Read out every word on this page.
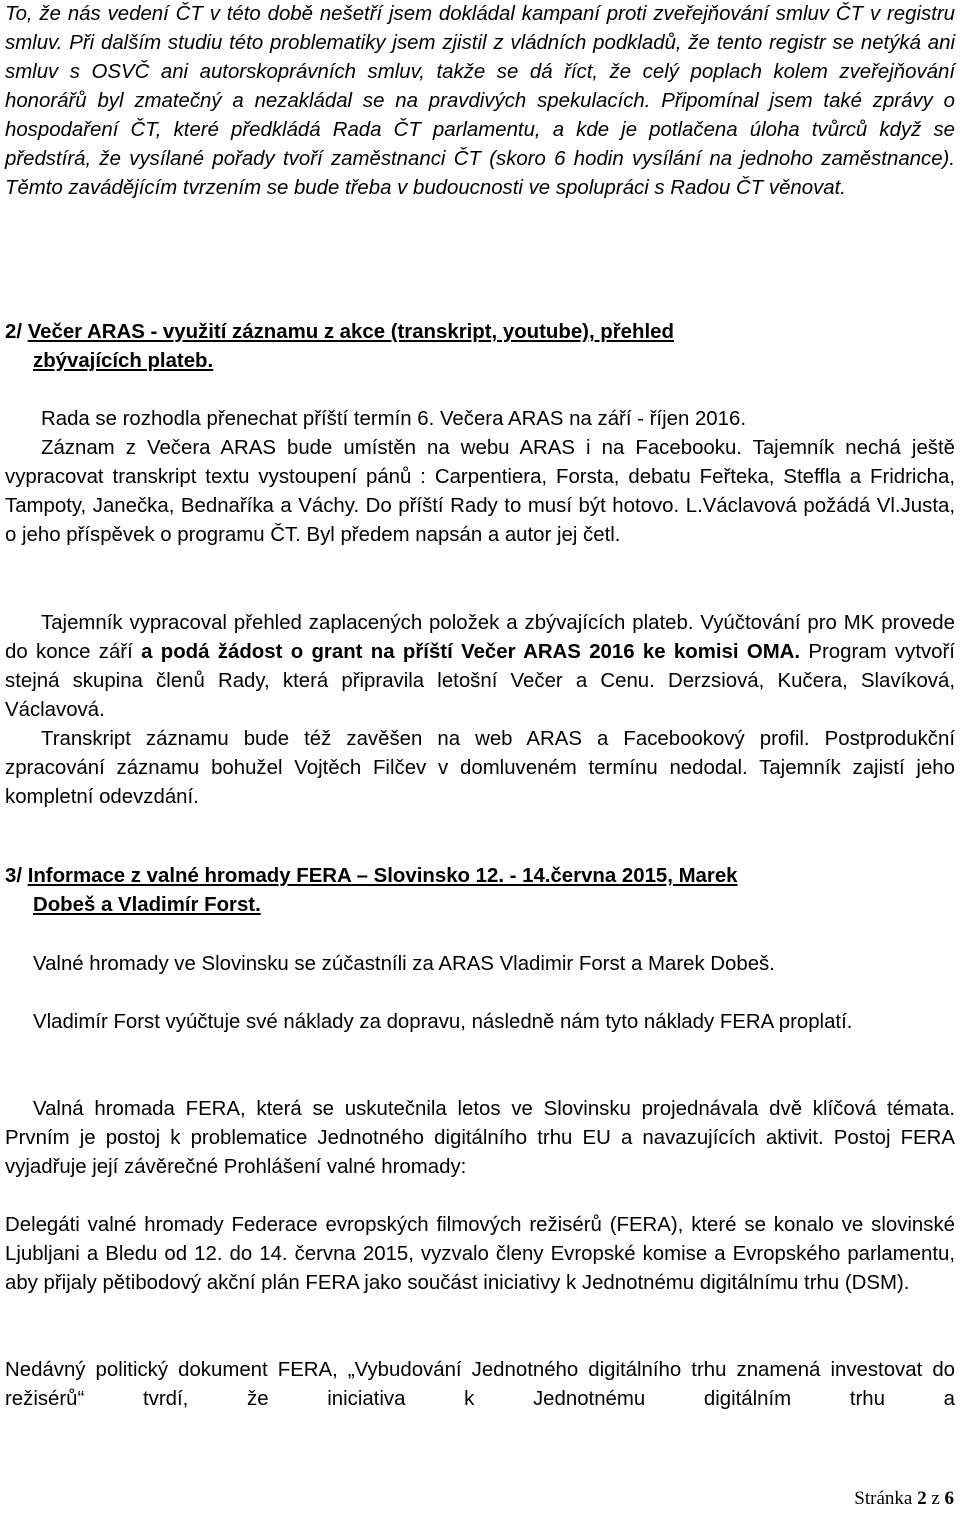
To, že nás vedení ČT v této době nešetří jsem dokládal kampaní proti zveřejňování smluv ČT v registru smluv. Při dalším studiu této problematiky jsem zjistil z vládních podkladů, že tento registr se netýká ani smluv s OSVČ ani autorskoprávních smluv, takže se dá říct, že celý poplach kolem zveřejňování honorářů byl zmatečný a nezakládal se na pravdivých spekulacích. Připomínal jsem také zprávy o hospodaření ČT, které předkládá Rada ČT parlamentu, a kde je potlačena úloha tvůrců když se předstírá, že vysílané pořady tvoří zaměstnanci ČT (skoro 6 hodin vysílání na jednoho zaměstnance). Těmto zavádějícím tvrzením se bude třeba v budoucnosti ve spolupráci s Radou ČT věnovat.

2/ Večer ARAS - využití záznamu z akce (transkript, youtube), přehled
zbývajících plateb.

Rada se rozhodla přenechat příští termín 6. Večera ARAS na září - říjen 2016.

Záznam z Večera ARAS bude umístěn na webu ARAS i na Facebooku. Tajemník nechá ještě vypracovat transkript textu vystoupení pánů : Carpentiera, Forsta, debatu Feřteka, Steffla a Fridricha, Tampoty, Janečka, Bednaříka a Váchy. Do příští Rady to musí být hotovo. L.Václavová požádá Vl.Justa, o jeho příspěvek o programu ČT. Byl předem napsán a autor jej četl.

Tajemník vypracoval přehled zaplacených položek a zbývajících plateb. Vyúčtování pro MK provede do konce září a podá žádost o grant na příští Večer ARAS 2016 ke komisi OMA. Program vytvoří stejná skupina členů Rady, která připravila letošní Večer a Cenu. Derzsiová, Kučera, Slavíková, Václavová.

Transkript záznamu bude též zavěšen na web ARAS a Facebookový profil. Postprodukční zpracování záznamu bohužel Vojtěch Filčev v domluveném termínu nedodal. Tajemník zajistí jeho kompletní odevzdání.

3/ Informace z valné hromady FERA – Slovinsko 12. - 14.června 2015, Marek
Dobeš a Vladimír Forst.

Valné hromady ve Slovinsku se zúčastníli za ARAS Vladimir Forst a Marek Dobeš.

Vladimír Forst vyúčtuje své náklady za dopravu, následně nám tyto náklady FERA proplatí.

Valná hromada FERA, která se uskutečnila letos ve Slovinsku projednávala dvě klíčová témata. Prvním je postoj k problematice Jednotného digitálního trhu EU a navazujících aktivit. Postoj FERA vyjadřuje její závěrečné Prohlášení valné hromady:

Delegáti valné hromady Federace evropských filmových režisérů (FERA), které se konalo ve slovinské Ljubljani a Bledu od 12. do 14. června 2015, vyzvalo členy Evropské komise a Evropského parlamentu, aby přijaly pětibodový akční plán FERA jako součást iniciativy k Jednotnému digitálnímu trhu (DSM).

Nedávný politický dokument FERA, „Vybudování Jednotného digitálního trhu znamená investovat do režisérů“ tvrdí, že iniciativa k Jednotnému digitálním trhu a

Stránka 2 z 6
